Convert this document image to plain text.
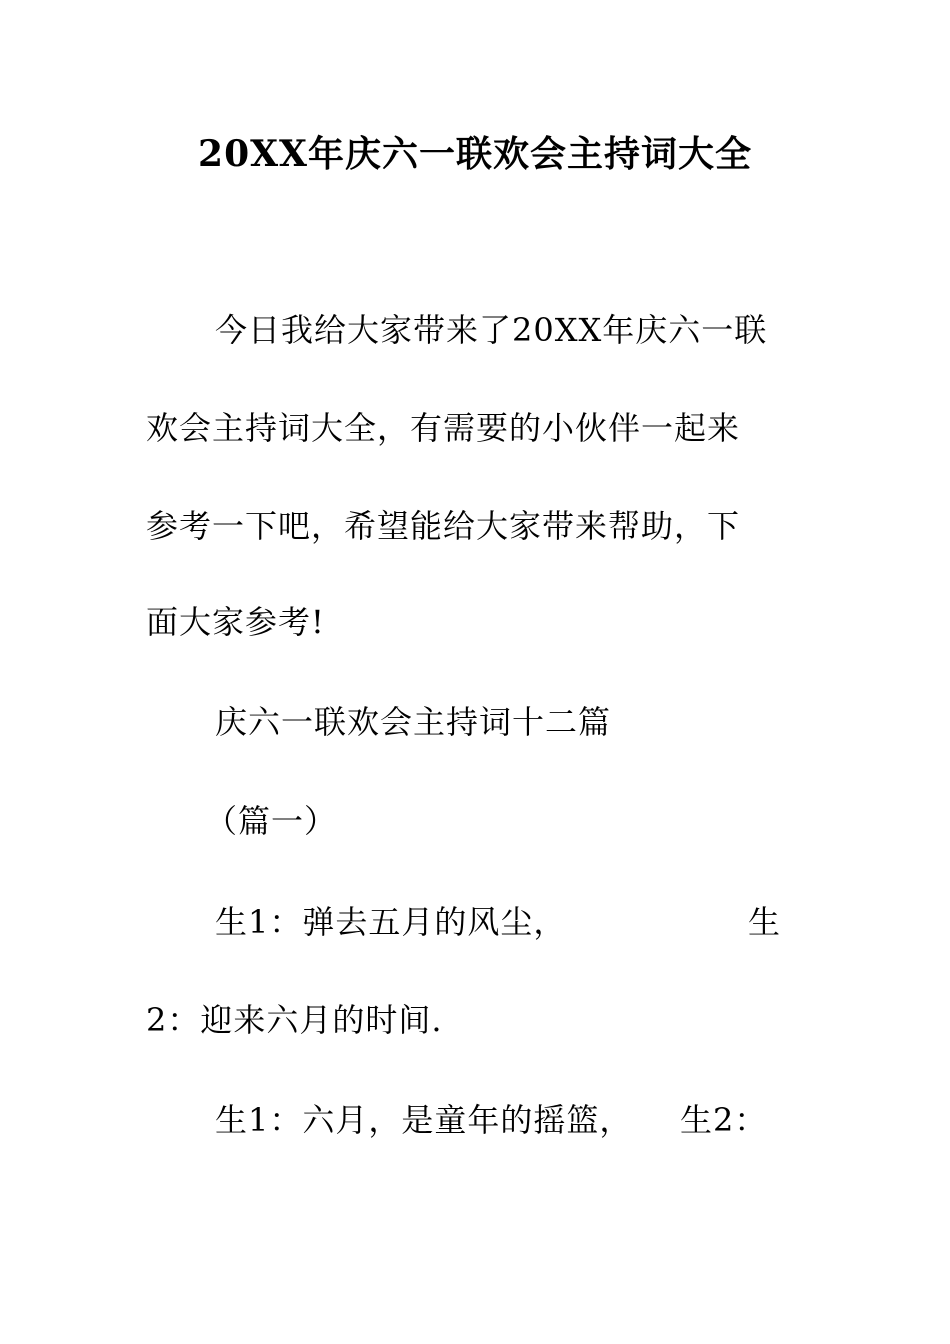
20XX年庆六一联欢会主持词大全
今日我给大家带来了20XX年庆六一联
欢会主持词大全，有需要的小伙伴一起来
参考一下吧，希望能给大家带来帮助，下
面大家参考!
庆六一联欢会主持词十二篇
（篇一）
生1：弹去五月的风尘，	生
2：迎来六月的时间.
生1：六月，是童年的摇篮， 生2：
